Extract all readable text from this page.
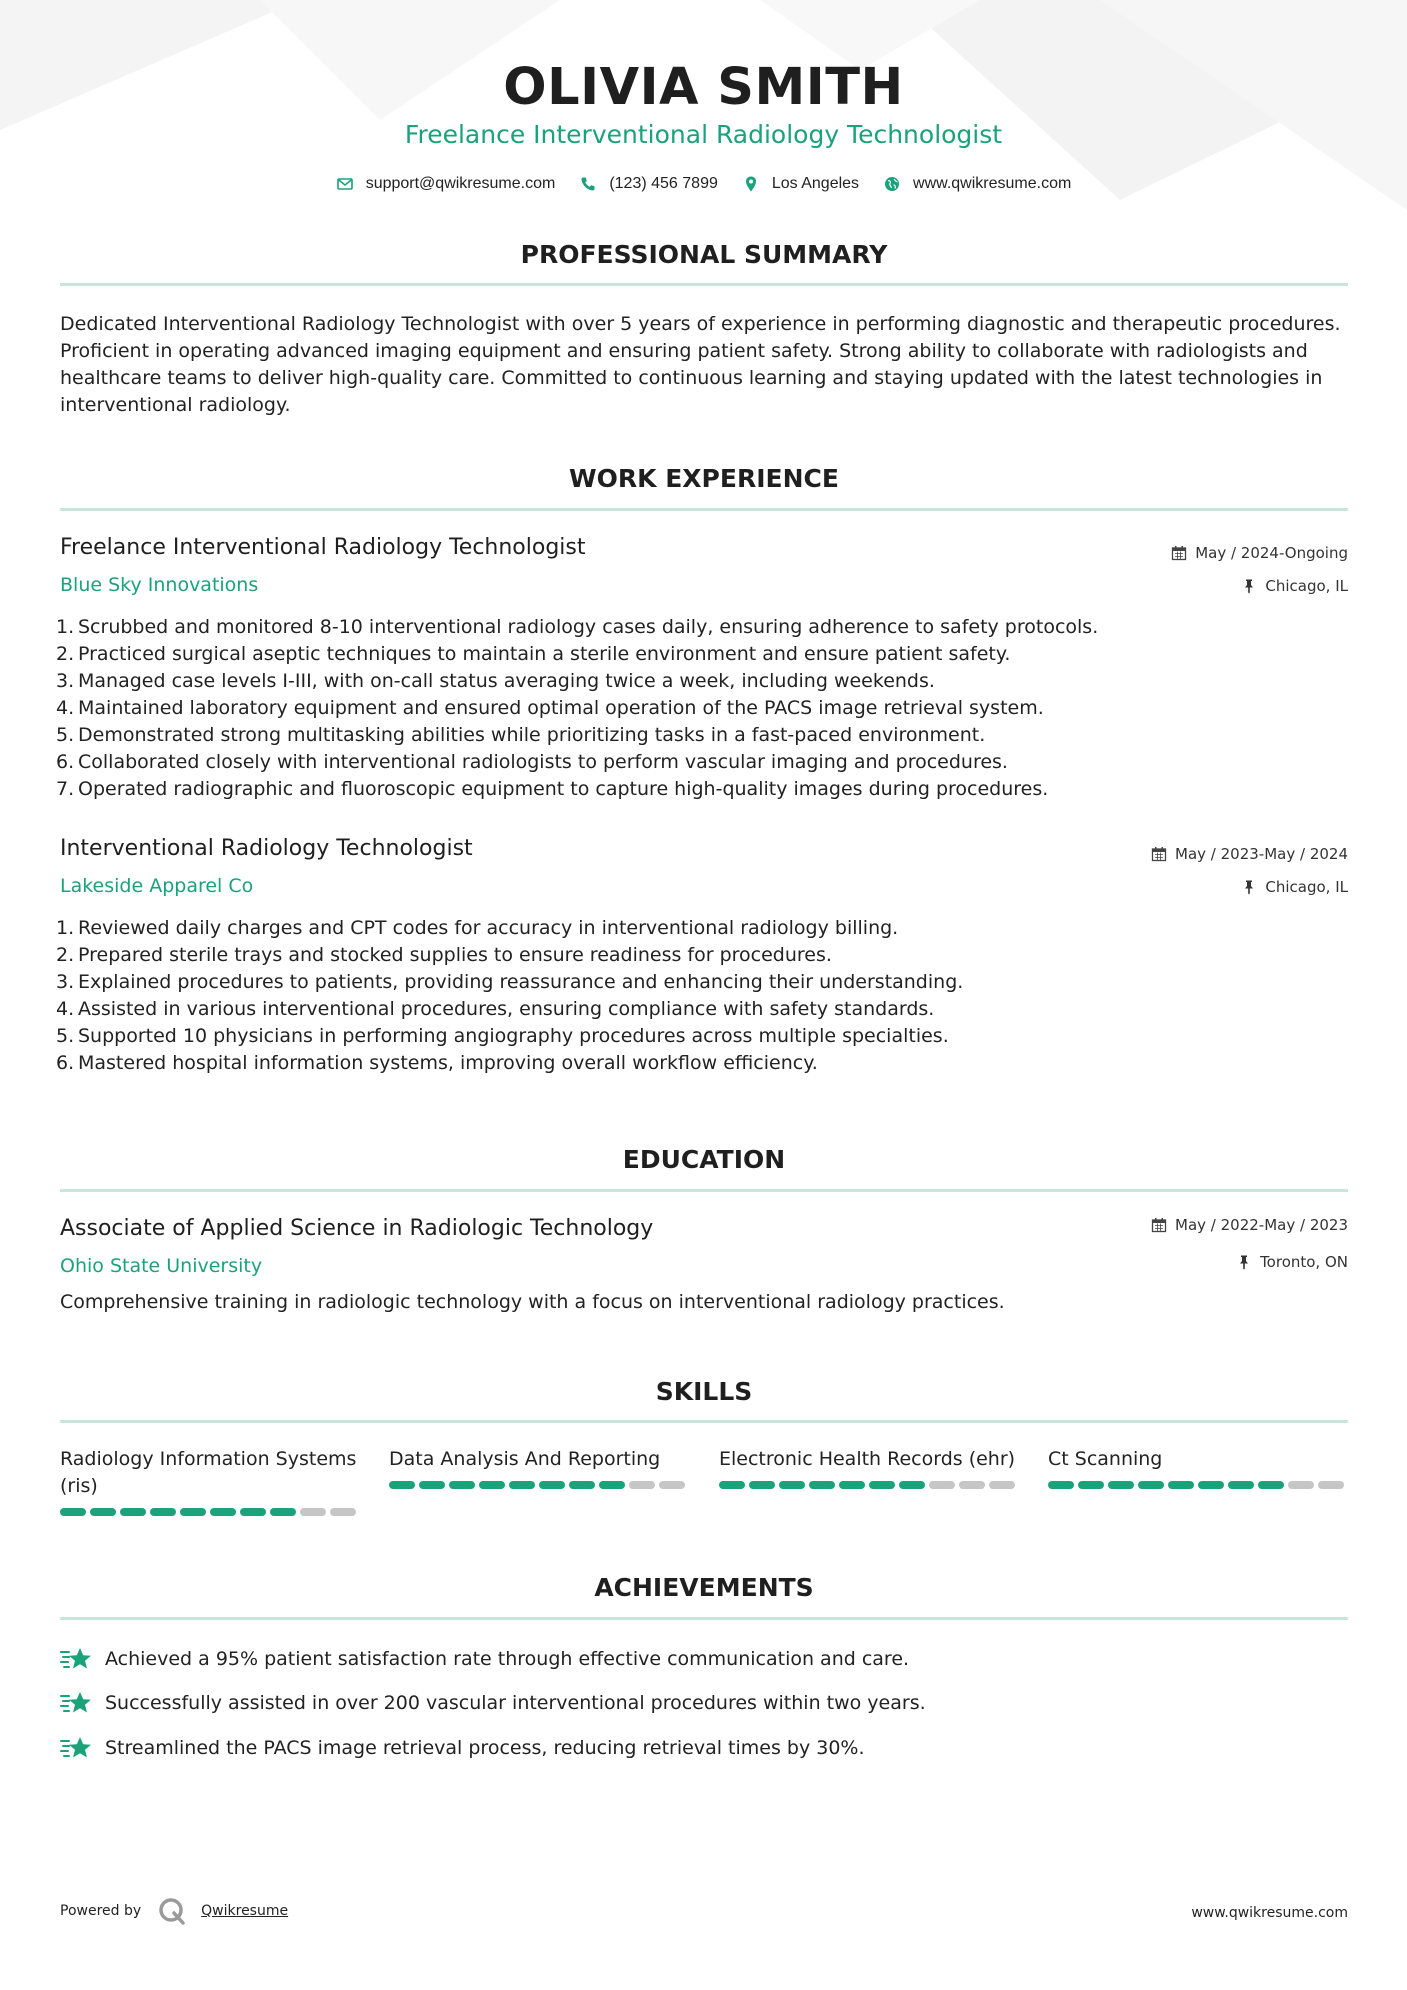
OLIVIA SMITH
Freelance Interventional Radiology Technologist
support@qwikresume.com	(123) 456 7899	Los Angeles	www.qwikresume.com
PROFESSIONAL SUMMARY
Dedicated Interventional Radiology Technologist with over 5 years of experience in performing diagnostic and therapeutic procedures. Proficient in operating advanced imaging equipment and ensuring patient safety. Strong ability to collaborate with radiologists and healthcare teams to deliver high-quality care. Committed to continuous learning and staying updated with the latest technologies in interventional radiology.
WORK EXPERIENCE
Freelance Interventional Radiology Technologist	May / 2024-Ongoing
Blue Sky Innovations	Chicago, IL
1. Scrubbed and monitored 8-10 interventional radiology cases daily, ensuring adherence to safety protocols.
2. Practiced surgical aseptic techniques to maintain a sterile environment and ensure patient safety.
3. Managed case levels I-III, with on-call status averaging twice a week, including weekends.
4. Maintained laboratory equipment and ensured optimal operation of the PACS image retrieval system.
5. Demonstrated strong multitasking abilities while prioritizing tasks in a fast-paced environment.
6. Collaborated closely with interventional radiologists to perform vascular imaging and procedures.
7. Operated radiographic and fluoroscopic equipment to capture high-quality images during procedures.
Interventional Radiology Technologist	May / 2023-May / 2024
Lakeside Apparel Co	Chicago, IL
1. Reviewed daily charges and CPT codes for accuracy in interventional radiology billing.
2. Prepared sterile trays and stocked supplies to ensure readiness for procedures.
3. Explained procedures to patients, providing reassurance and enhancing their understanding.
4. Assisted in various interventional procedures, ensuring compliance with safety standards.
5. Supported 10 physicians in performing angiography procedures across multiple specialties.
6. Mastered hospital information systems, improving overall workflow efficiency.
EDUCATION
Associate of Applied Science in Radiologic Technology	May / 2022-May / 2023
Ohio State University	Toronto, ON
Comprehensive training in radiologic technology with a focus on interventional radiology practices.
SKILLS
Radiology Information Systems (ris)
Data Analysis And Reporting	Electronic Health Records (ehr) Ct Scanning
ACHIEVEMENTS
Achieved a 95% patient satisfaction rate through effective communication and care.
Successfully assisted in over 200 vascular interventional procedures within two years.
Streamlined the PACS image retrieval process, reducing retrieval times by 30%.
Powered by	Qwikresume	www.qwikresume.com
